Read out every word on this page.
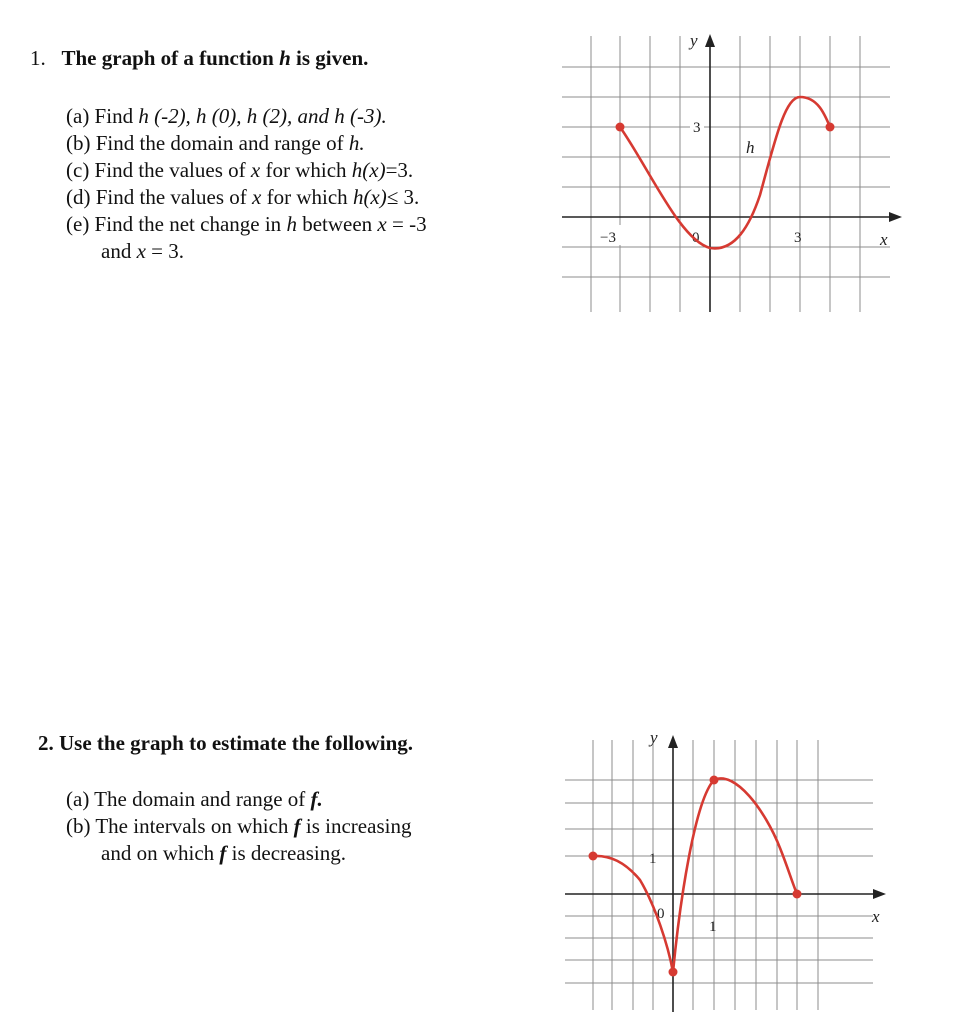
1. The graph of a function h is given.
(a) Find h (-2), h (0), h (2), and h (-3).
(b) Find the domain and range of h.
(c) Find the values of x for which h(x)=3.
(d) Find the values of x for which h(x)≤ 3.
(e) Find the net change in h between x = -3
and x = 3.
−3	0	3
3
y
x
h
2. Use the graph to estimate the following.
(a) The domain and range of f.
(b) The intervals on which f is increasing
and on which f is decreasing.	1
0
1
y
x
